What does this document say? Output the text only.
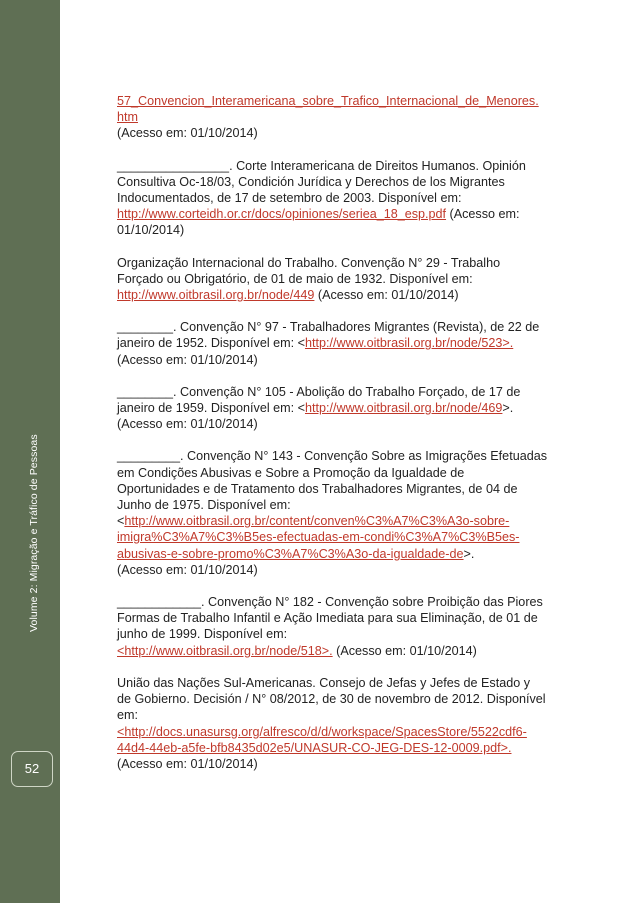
Volume 2: Migração e Tráfico de Pessoas
52

57_Convencion_Interamericana_sobre_Trafico_Internacional_de_Menores.
htm
(Acesso em: 01/10/2014)

________________. Corte Interamericana de Direitos Humanos. Opinión Consultiva Oc-18/03, Condición Jurídica y Derechos de los Migrantes Indocumentados, de 17 de setembro de 2003. Disponível em: http://www.corteidh.or.cr/docs/opiniones/seriea_18_esp.pdf (Acesso em: 01/10/2014)

Organização Internacional do Trabalho. Convenção N° 29 - Trabalho Forçado ou Obrigatório, de 01 de maio de 1932. Disponível em: http://www.oitbrasil.org.br/node/449 (Acesso em: 01/10/2014)

________. Convenção N° 97 - Trabalhadores Migrantes (Revista), de 22 de janeiro de 1952. Disponível em: <http://www.oitbrasil.org.br/node/523>.
(Acesso em: 01/10/2014)

________. Convenção N° 105 - Abolição do Trabalho Forçado, de 17 de janeiro de 1959. Disponível em: <http://www.oitbrasil.org.br/node/469>.
(Acesso em: 01/10/2014)

_________. Convenção N° 143 - Convenção Sobre as Imigrações Efetuadas em Condições Abusivas e Sobre a Promoção da Igualdade de Oportunidades e de Tratamento dos Trabalhadores Migrantes, de 04 de Junho de 1975. Disponível em:
<http://www.oitbrasil.org.br/content/conven%C3%A7%C3%A3o-sobre-imigra%C3%A7%C3%B5es-efectuadas-em-condi%C3%A7%C3%B5es-abusivas-e-sobre-promo%C3%A7%C3%A3o-da-igualdade-de>.
(Acesso em: 01/10/2014)

____________. Convenção N° 182 - Convenção sobre Proibição das Piores Formas de Trabalho Infantil e Ação Imediata para sua Eliminação, de 01 de junho de 1999. Disponível em:
<http://www.oitbrasil.org.br/node/518>. (Acesso em: 01/10/2014)

União das Nações Sul-Americanas. Consejo de Jefas y Jefes de Estado y de Gobierno. Decisión / N° 08/2012, de 30 de novembro de 2012. Disponível em:
<http://docs.unasursg.org/alfresco/d/d/workspace/SpacesStore/5522cdf6-44d4-44eb-a5fe-bfb8435d02e5/UNASUR-CO-JEG-DES-12-0009.pdf>.
(Acesso em: 01/10/2014)
